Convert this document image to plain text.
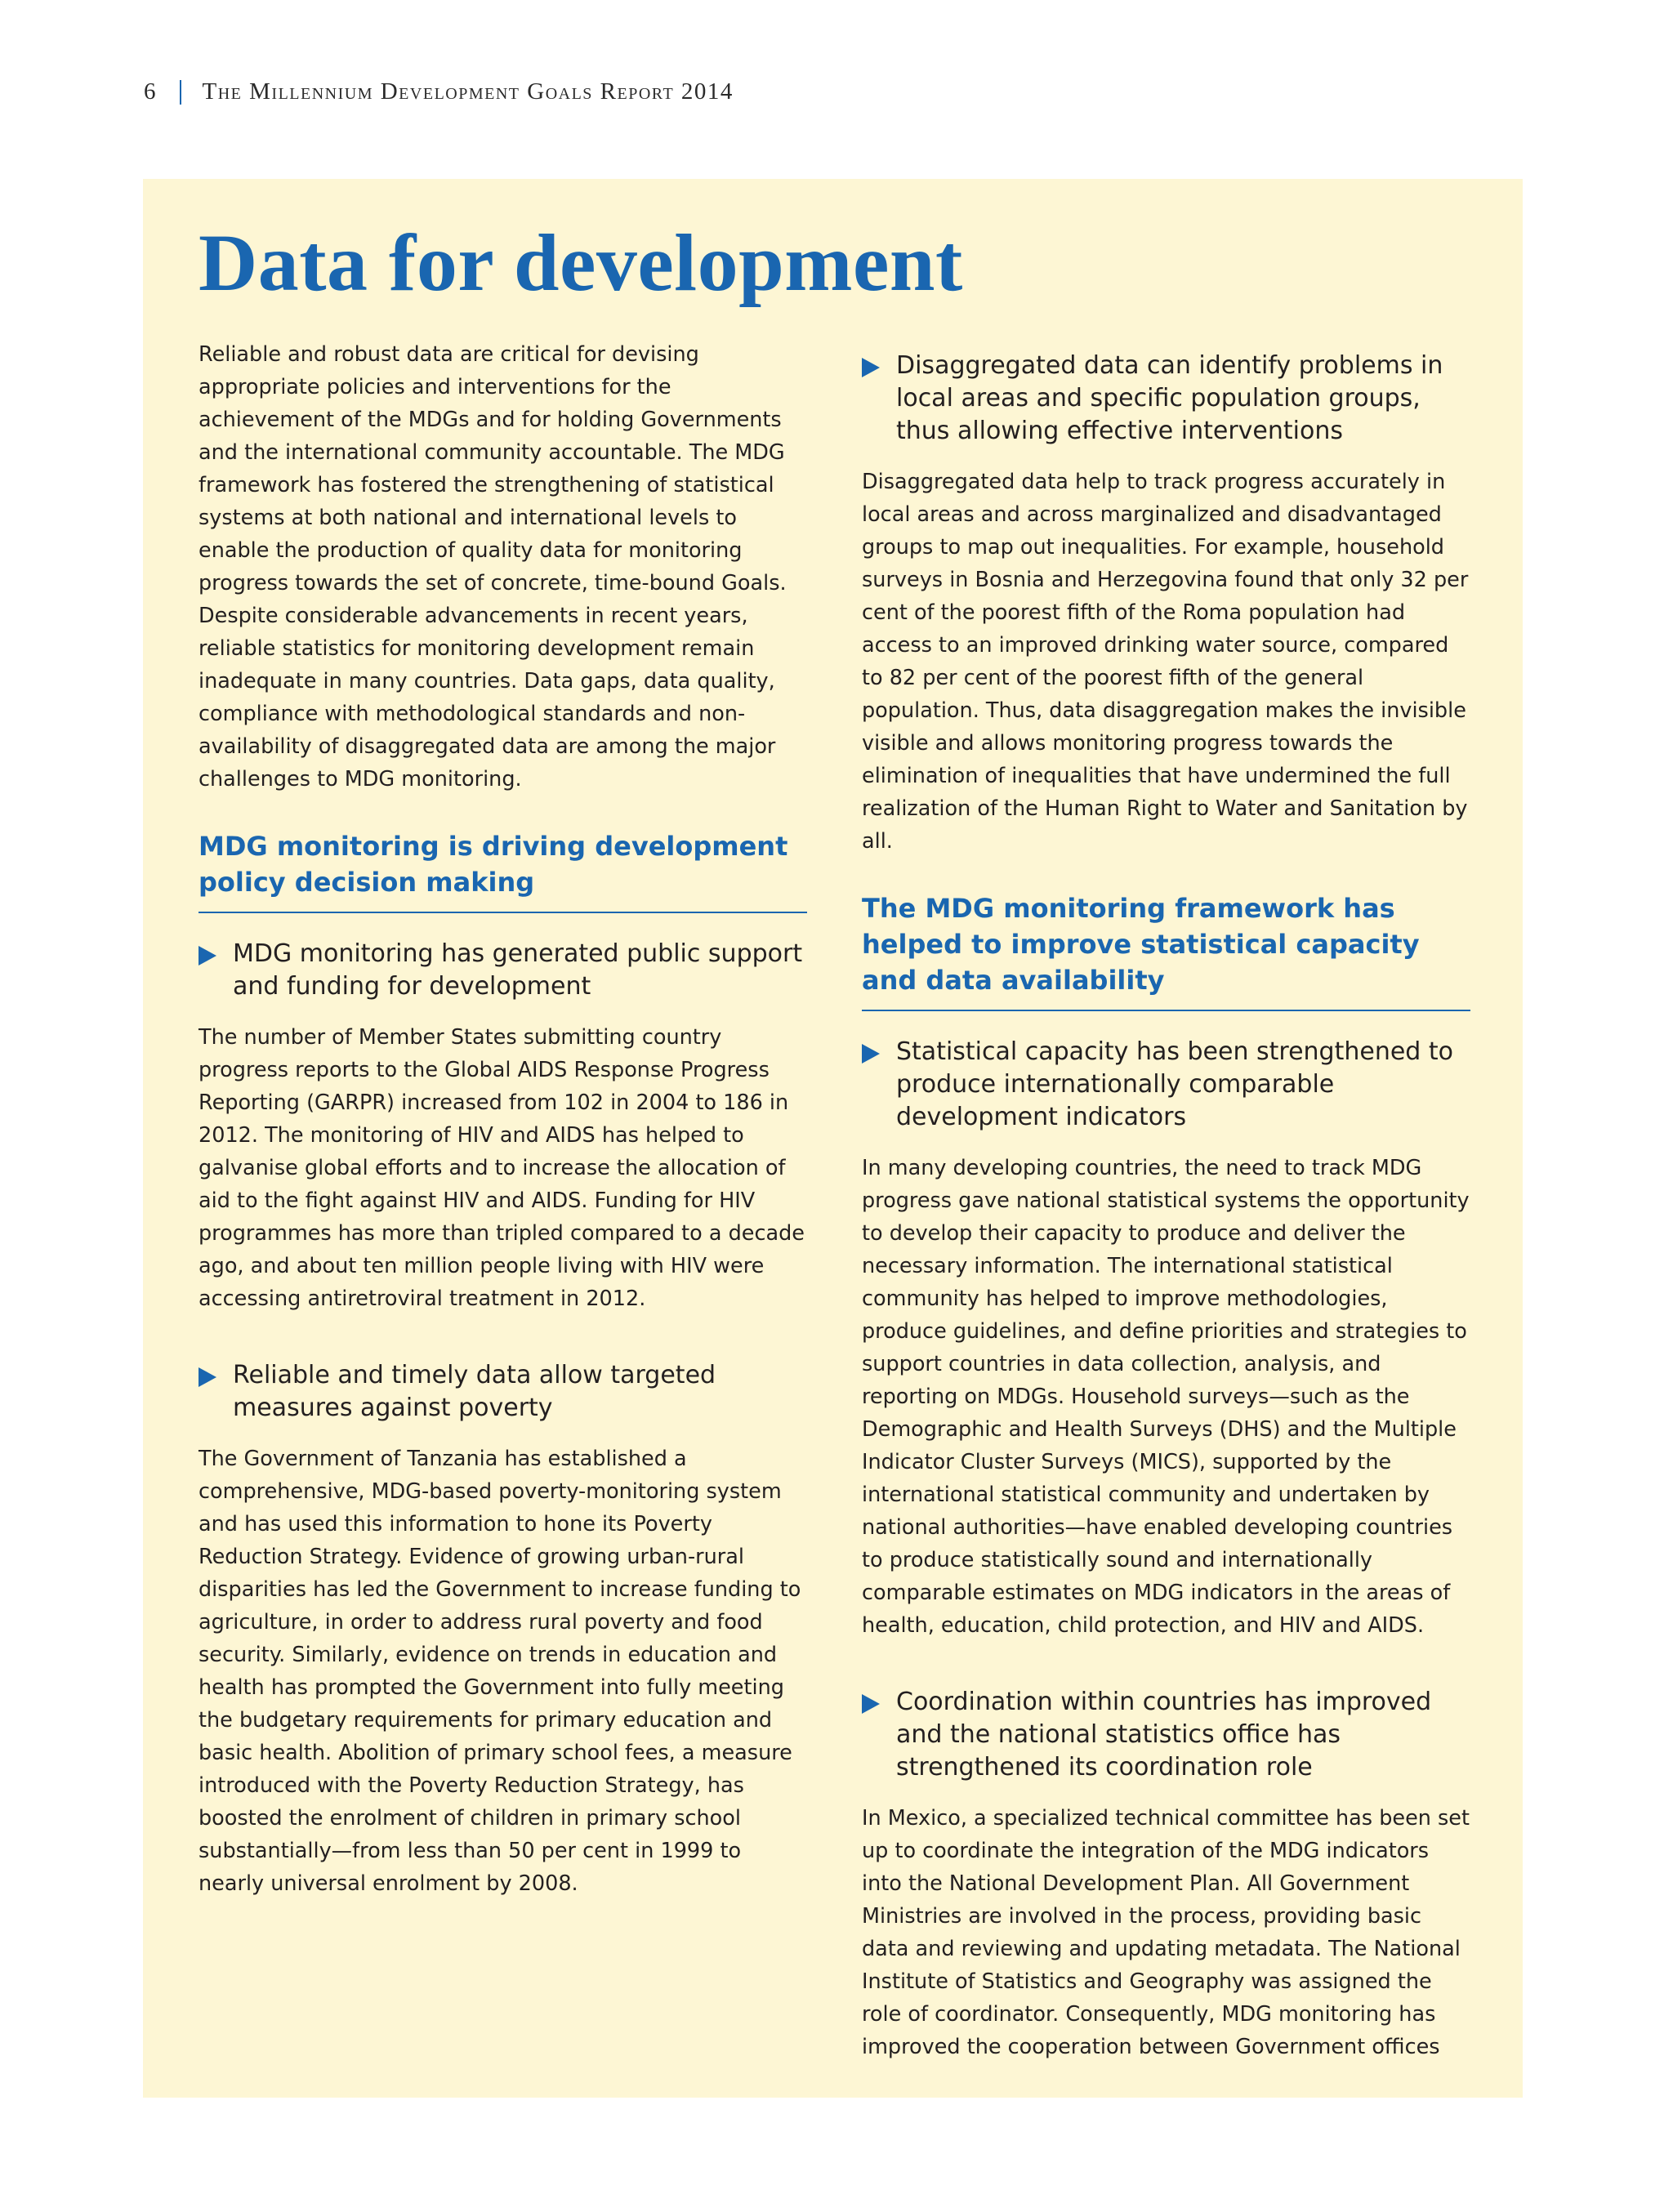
6 The Millennium Development Goals Report 2014
Data for development

Reliable and robust data are critical for devising appropriate policies and interventions for the achievement of the MDGs and for holding Governments and the international community accountable. The MDG framework has fostered the strengthening of statistical systems at both national and international levels to enable the production of quality data for monitoring progress towards the set of concrete, time-bound Goals. Despite considerable advancements in recent years, reliable statistics for monitoring development remain inadequate in many countries. Data gaps, data quality, compliance with methodological standards and non-availability of disaggregated data are among the major challenges to MDG monitoring.

MDG monitoring is driving development policy decision making
MDG monitoring has generated public support and funding for development

The number of Member States submitting country progress reports to the Global AIDS Response Progress Reporting (GARPR) increased from 102 in 2004 to 186 in 2012. The monitoring of HIV and AIDS has helped to galvanise global efforts and to increase the allocation of aid to the fight against HIV and AIDS. Funding for HIV programmes has more than tripled compared to a decade ago, and about ten million people living with HIV were accessing antiretroviral treatment in 2012.

Reliable and timely data allow targeted measures against poverty

The Government of Tanzania has established a comprehensive, MDG-based poverty-monitoring system and has used this information to hone its Poverty Reduction Strategy. Evidence of growing urban-rural disparities has led the Government to increase funding to agriculture, in order to address rural poverty and food security. Similarly, evidence on trends in education and health has prompted the Government into fully meeting the budgetary requirements for primary education and basic health. Abolition of primary school fees, a measure introduced with the Poverty Reduction Strategy, has boosted the enrolment of children in primary school substantially—from less than 50 per cent in 1999 to nearly universal enrolment by 2008.

Disaggregated data can identify problems in local areas and specific population groups, thus allowing effective interventions

Disaggregated data help to track progress accurately in local areas and across marginalized and disadvantaged groups to map out inequalities. For example, household surveys in Bosnia and Herzegovina found that only 32 per cent of the poorest fifth of the Roma population had access to an improved drinking water source, compared to 82 per cent of the poorest fifth of the general population. Thus, data disaggregation makes the invisible visible and allows monitoring progress towards the elimination of inequalities that have undermined the full realization of the Human Right to Water and Sanitation by all.

The MDG monitoring framework has helped to improve statistical capacity and data availability
Statistical capacity has been strengthened to produce internationally comparable development indicators

In many developing countries, the need to track MDG progress gave national statistical systems the opportunity to develop their capacity to produce and deliver the necessary information. The international statistical community has helped to improve methodologies, produce guidelines, and define priorities and strategies to support countries in data collection, analysis, and reporting on MDGs. Household surveys—such as the Demographic and Health Surveys (DHS) and the Multiple Indicator Cluster Surveys (MICS), supported by the international statistical community and undertaken by national authorities—have enabled developing countries to produce statistically sound and internationally comparable estimates on MDG indicators in the areas of health, education, child protection, and HIV and AIDS.

Coordination within countries has improved and the national statistics office has strengthened its coordination role

In Mexico, a specialized technical committee has been set up to coordinate the integration of the MDG indicators into the National Development Plan. All Government Ministries are involved in the process, providing basic data and reviewing and updating metadata. The National Institute of Statistics and Geography was assigned the role of coordinator. Consequently, MDG monitoring has improved the cooperation between Government offices
